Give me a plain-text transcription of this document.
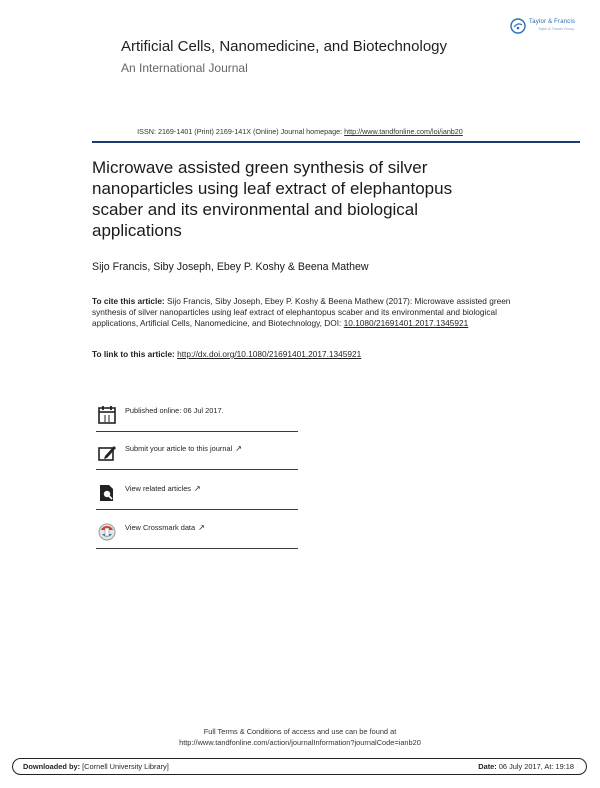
Artificial Cells, Nanomedicine, and Biotechnology
An International Journal
Taylor & Francis
Taylor & Francis Group
ISSN: 2169-1401 (Print) 2169-141X (Online) Journal homepage: http://www.tandfonline.com/loi/ianb20
Microwave assisted green synthesis of silver nanoparticles using leaf extract of elephantopus scaber and its environmental and biological applications
Sijo Francis, Siby Joseph, Ebey P. Koshy & Beena Mathew
To cite this article: Sijo Francis, Siby Joseph, Ebey P. Koshy & Beena Mathew (2017): Microwave assisted green synthesis of silver nanoparticles using leaf extract of elephantopus scaber and its environmental and biological applications, Artificial Cells, Nanomedicine, and Biotechnology, DOI: 10.1080/21691401.2017.1345921
To link to this article: http://dx.doi.org/10.1080/21691401.2017.1345921
Published online: 06 Jul 2017.
Submit your article to this journal ↗︎
View related articles ↗︎
View Crossmark data ↗︎
Full Terms & Conditions of access and use can be found at
http://www.tandfonline.com/action/journalInformation?journalCode=ianb20
Downloaded by: [Cornell University Library]	Date: 06 July 2017, At: 19:18
